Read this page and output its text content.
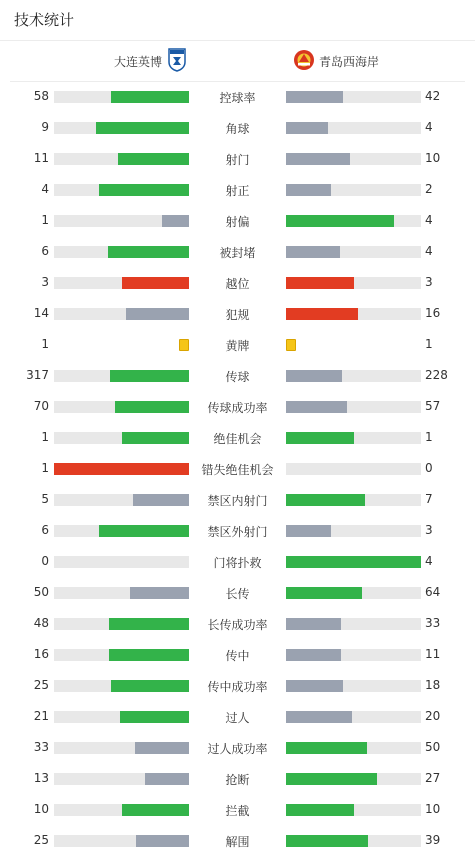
技术统计
大连英博	青岛西海岸
58	控球率	42
9	角球	4
11	射门	10
4	射正	2
1	射偏	4
6	被封堵	4
3	越位	3
14	犯规	16
1	黄牌	1
317	传球	228
70	传球成功率	57
1	绝佳机会	1
1	错失绝佳机会	0
5	禁区内射门	7
6	禁区外射门	3
0	门将扑救	4
50	长传	64
48	长传成功率	33
16	传中	11
25	传中成功率	18
21	过人	20
33	过人成功率	50
13	抢断	27
10	拦截	10
25	解围	39
